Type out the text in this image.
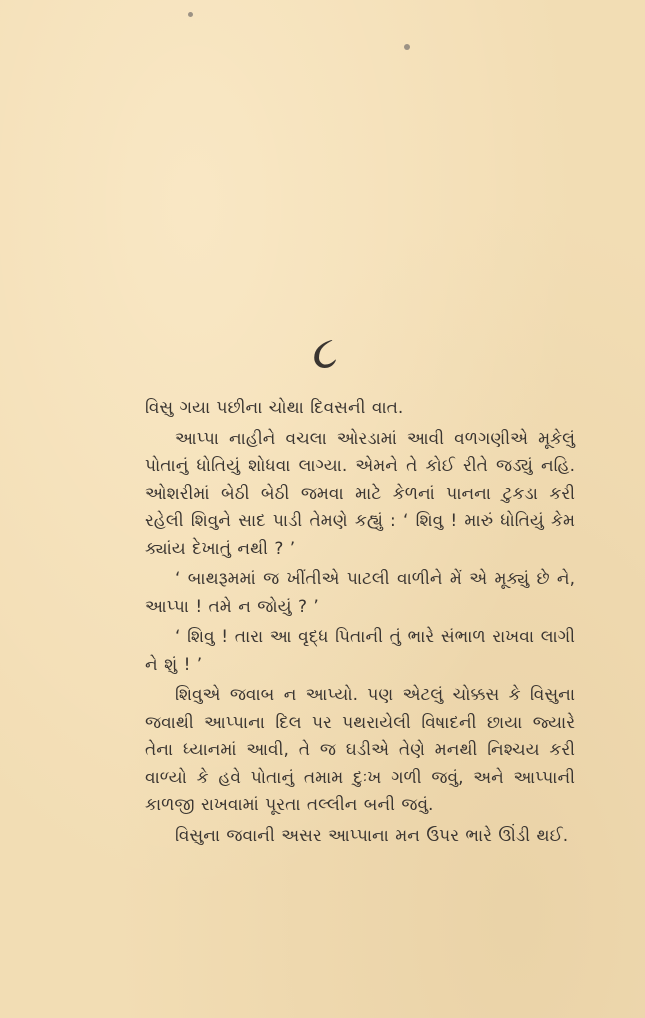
૮

વિસુ ગયા પછીના ચોથા દિવસની વાત.

આપ્પા નાહીને વચલા ઓરડામાં આવી વળગણીએ મૂકેલું પોતાનું ધોતિયું શોધવા લાગ્યા. એમને તે કોઈ રીતે જડ્યું નહિ. ઓશરીમાં બેઠી બેઠી જમવા માટે કેળનાં પાનના ટુકડા કરી રહેલી શિવુને સાદ પાડી તેમણે કહ્યું : ‘ શિવુ ! મારું ધોતિયું કેમ ક્યાંય દેખાતું નથી ? ’

‘ બાથરૂમમાં જ ખીંતીએ પાટલી વાળીને મેં એ મૂક્યું છે ને, આપ્પા ! તમે ન જોયું ? ’

‘ શિવુ ! તારા આ વૃદ્ધ પિતાની તું ભારે સંભાળ રાખવા લાગી ને શું ! ’

શિવુએ જવાબ ન આપ્યો. પણ એટલું ચોક્કસ કે વિસુના જવાથી આપ્પાના દિલ પર પથરાયેલી વિષાદની છાયા જ્યારે તેના ધ્યાનમાં આવી, તે જ ઘડીએ તેણે મનથી નિશ્ચય કરી વાળ્યો કે હવે પોતાનું તમામ દુઃખ ગળી જવું, અને આપ્પાની કાળજી રાખવામાં પૂરતા તલ્લીન બની જવું.

વિસુના જવાની અસર આપ્પાના મન ઉપર ભારે ઊંડી થઈ.
